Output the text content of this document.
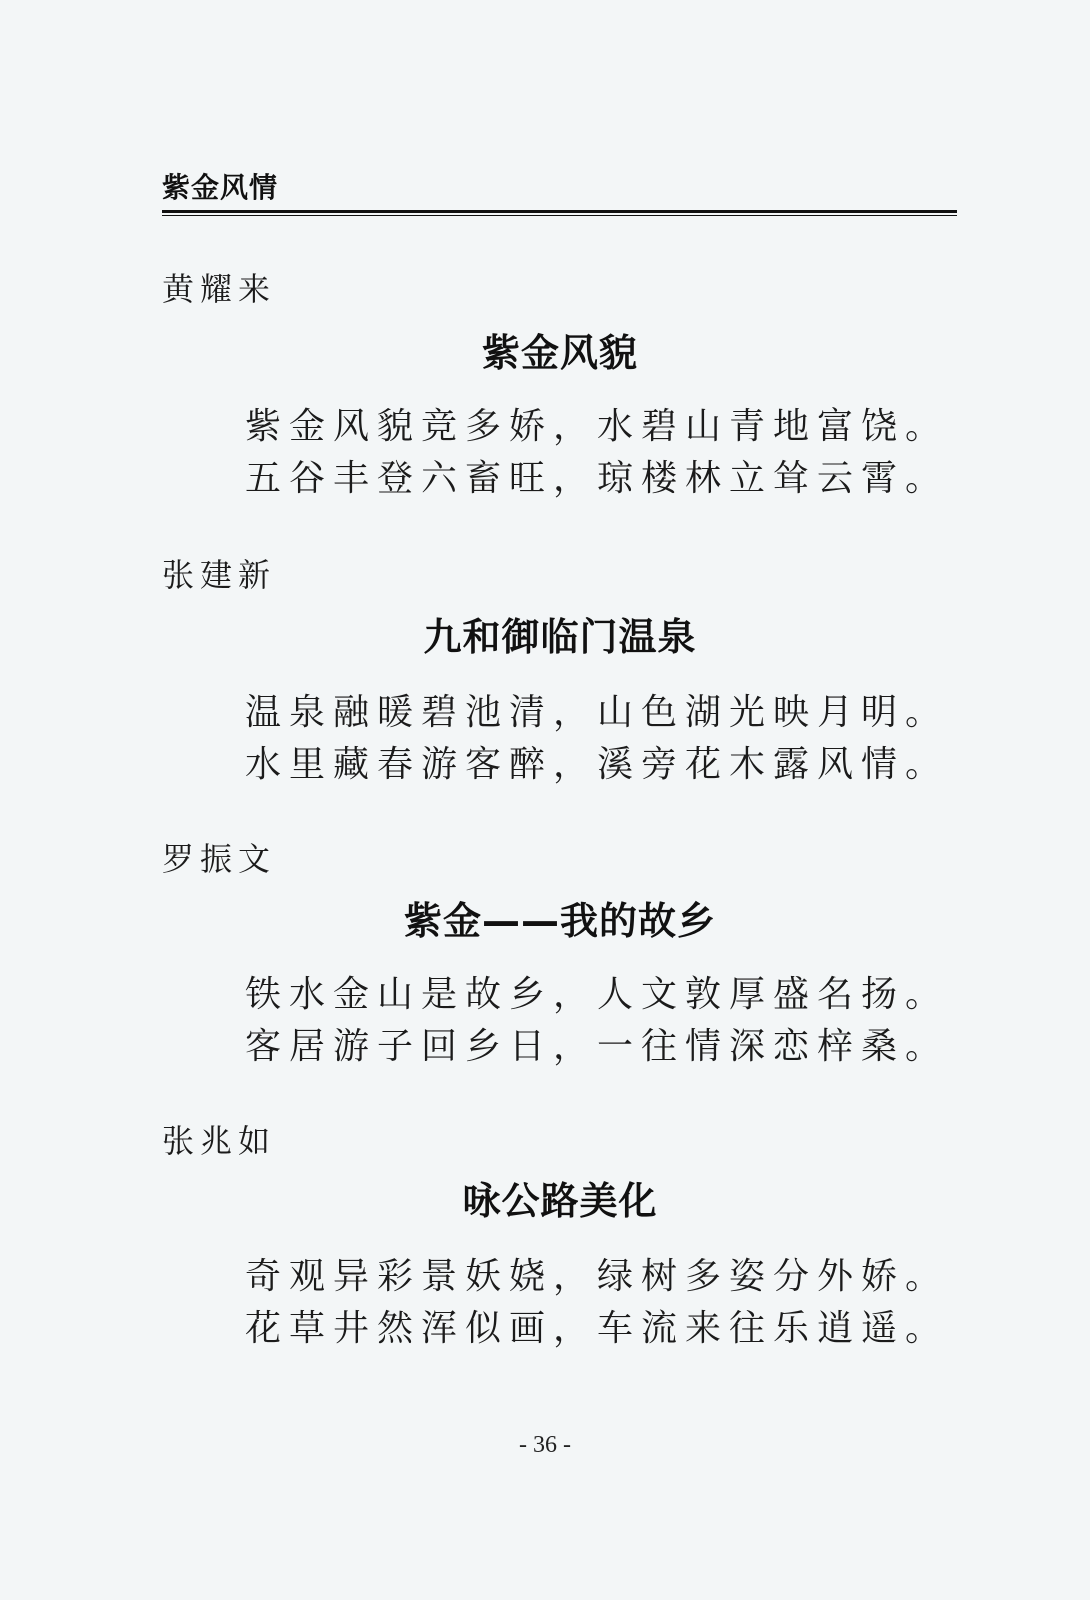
紫金风情
黄耀来
紫金风貌
紫金风貌竞多娇，水碧山青地富饶。
五谷丰登六畜旺，琼楼林立耸云霄。
张建新
九和御临门温泉
温泉融暖碧池清，山色湖光映月明。
水里藏春游客醉，溪旁花木露风情。
罗振文
紫金——我的故乡
铁水金山是故乡，人文敦厚盛名扬。
客居游子回乡日，一往情深恋梓桑。
张兆如
咏公路美化
奇观异彩景妖娆，绿树多姿分外娇。
花草井然浑似画，车流来往乐逍遥。
- 36 -
